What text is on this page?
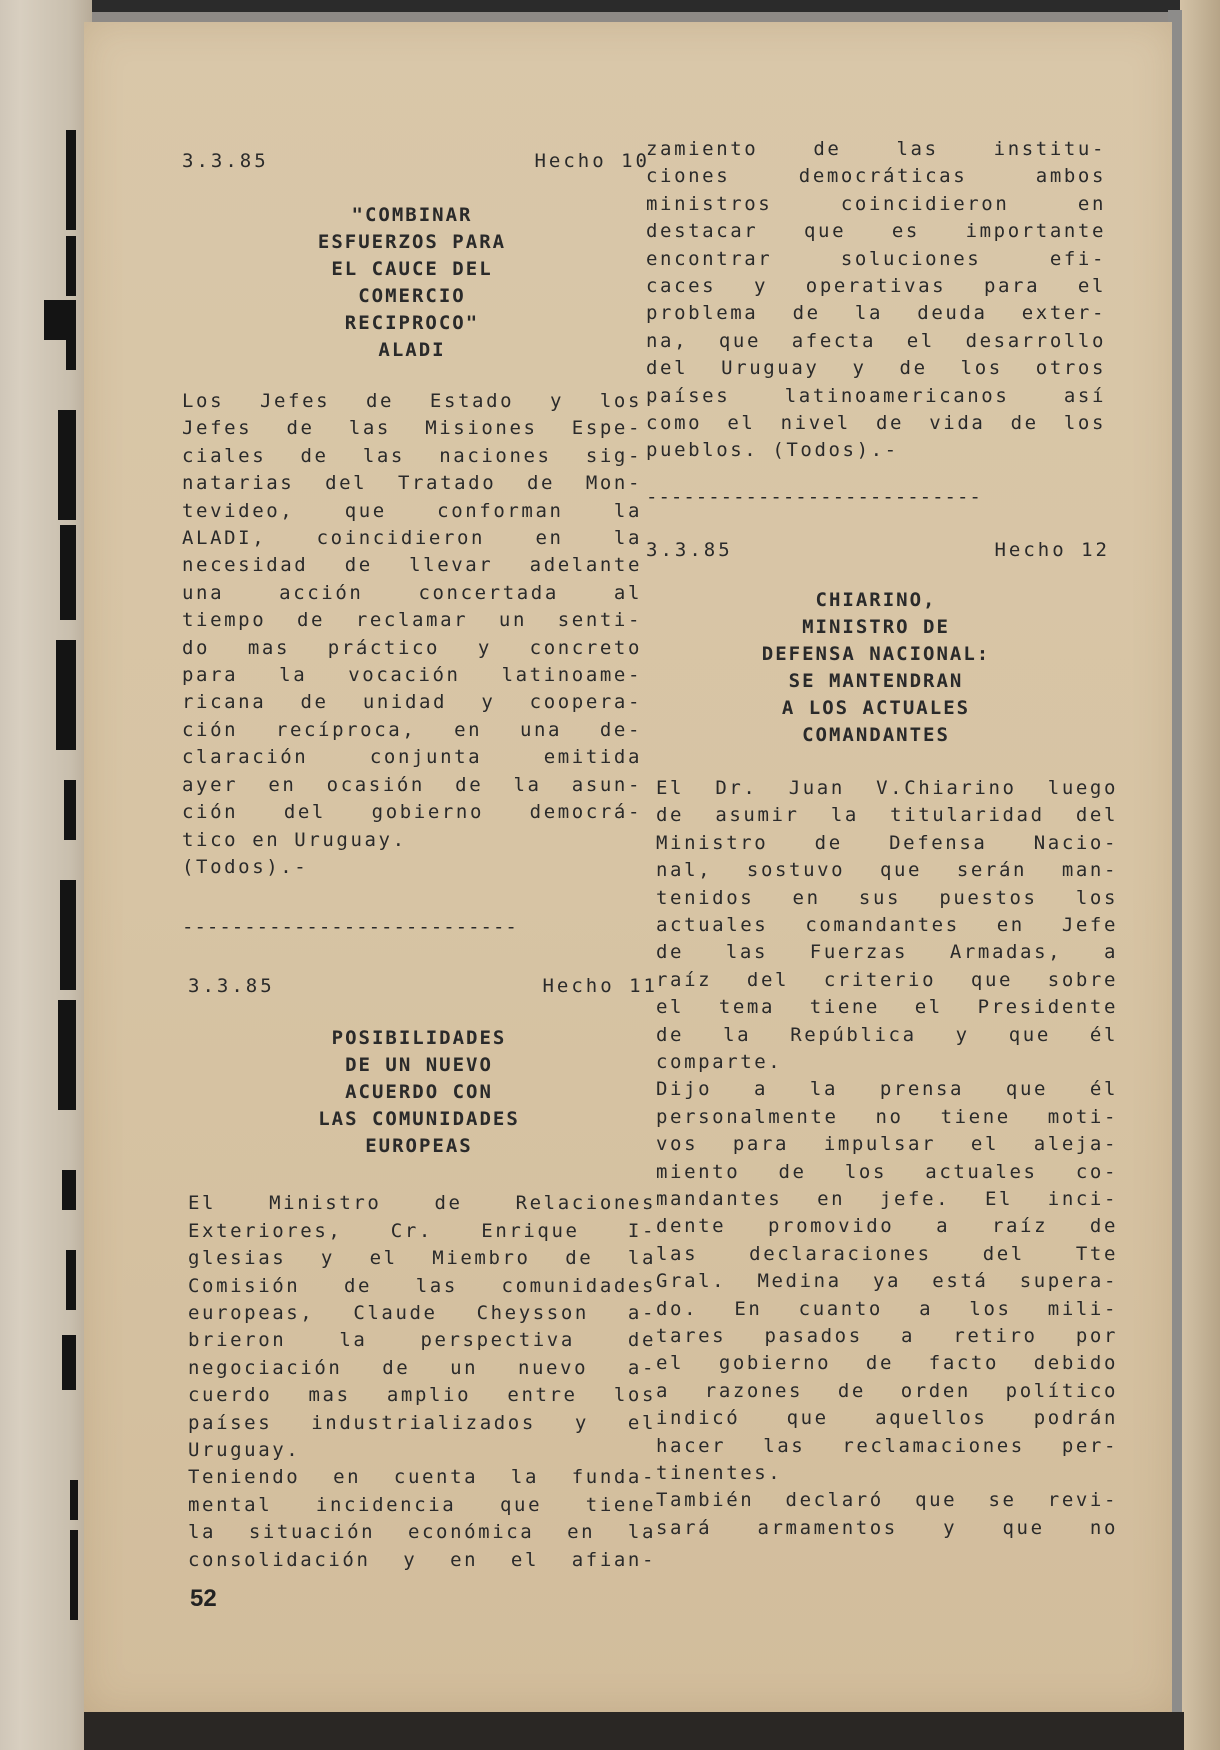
3.3.85	Hecho 10
"COMBINAR
ESFUERZOS PARA
EL CAUCE DEL
COMERCIO
RECIPROCO"
ALADI
Los Jefes de Estado y los
Jefes de las Misiones Espe-
ciales de las naciones sig-
natarias del Tratado de Mon-
tevideo, que conforman la
ALADI, coincidieron en la
necesidad de llevar adelante
una acción concertada al
tiempo de reclamar un senti-
do mas práctico y concreto
para la vocación latinoame-
ricana de unidad y coopera-
ción recíproca, en una de-
claración conjunta emitida
ayer en ocasión de la asun-
ción del gobierno democrá-
tico en Uruguay.
(Todos).-
---------------------------
3.3.85	Hecho 11
POSIBILIDADES
DE UN NUEVO
ACUERDO CON
LAS COMUNIDADES
EUROPEAS
El Ministro de Relaciones
Exteriores, Cr. Enrique I-
glesias y el Miembro de la
Comisión de las comunidades
europeas, Claude Cheysson a-
brieron la perspectiva de
negociación de un nuevo a-
cuerdo mas amplio entre los
países industrializados y el
Uruguay.
Teniendo en cuenta la funda-
mental incidencia que tiene
la situación económica en la
consolidación y en el afian-
zamiento de las institu-
ciones democráticas ambos
ministros coincidieron en
destacar que es importante
encontrar soluciones efi-
caces y operativas para el
problema de la deuda exter-
na, que afecta el desarrollo
del Uruguay y de los otros
países latinoamericanos así
como el nivel de vida de los
pueblos. (Todos).-
---------------------------
3.3.85	Hecho 12
CHIARINO,
MINISTRO DE
DEFENSA NACIONAL:
SE MANTENDRAN
A LOS ACTUALES
COMANDANTES
El Dr. Juan V.Chiarino luego
de asumir la titularidad del
Ministro de Defensa Nacio-
nal, sostuvo que serán man-
tenidos en sus puestos los
actuales comandantes en Jefe
de las Fuerzas Armadas, a
raíz del criterio que sobre
el tema tiene el Presidente
de la República y que él
comparte.
Dijo a la prensa que él
personalmente no tiene moti-
vos para impulsar el aleja-
miento de los actuales co-
mandantes en jefe. El inci-
dente promovido a raíz de
las declaraciones del Tte
Gral. Medina ya está supera-
do. En cuanto a los mili-
tares pasados a retiro por
el gobierno de facto debido
a razones de orden político
indicó que aquellos podrán
hacer las reclamaciones per-
tinentes.
También declaró que se revi-
sará armamentos y que no
52
